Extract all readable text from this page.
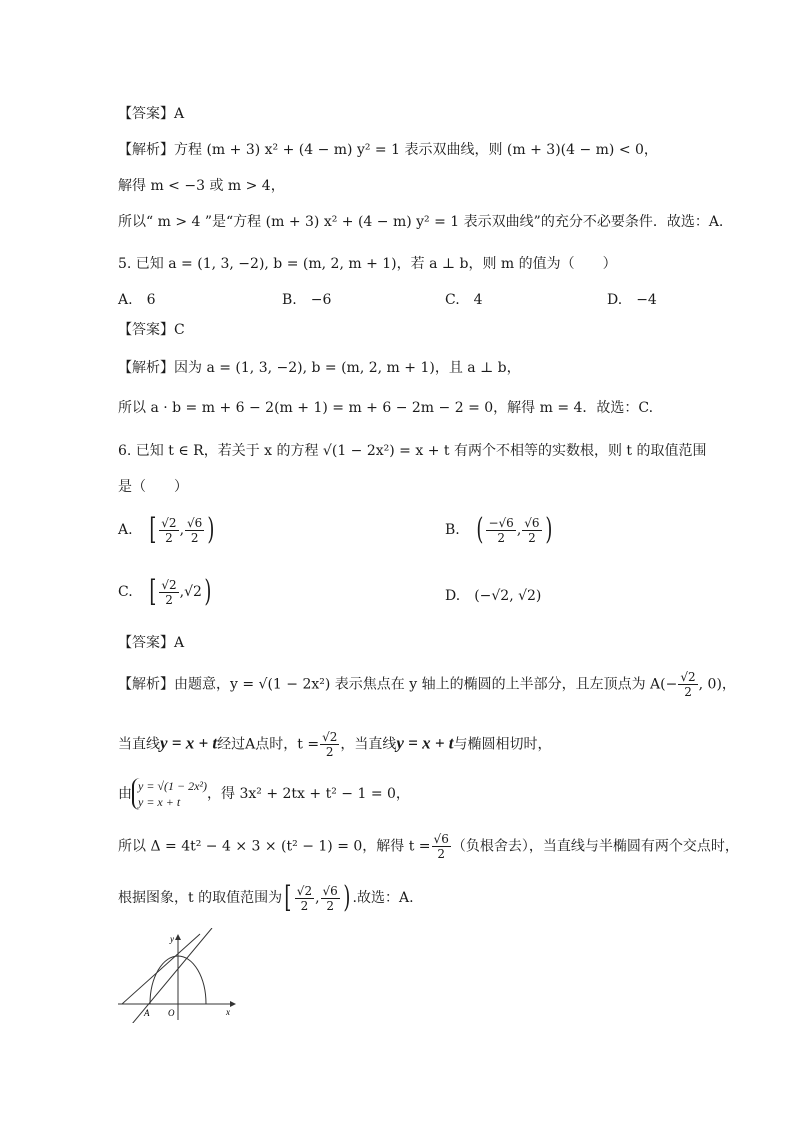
【答案】A
【解析】方程 (m + 3) x² + (4 − m) y² = 1 表示双曲线，则 (m + 3)(4 − m) < 0，
解得 m < −3 或 m > 4，
所以“ m > 4 ”是“方程 (m + 3) x² + (4 − m) y² = 1 表示双曲线”的充分不必要条件．故选：A.
5. 已知 a = (1, 3, −2), b = (m, 2, m + 1)，若 a ⊥ b，则 m 的值为（　　）
A. 6	B. −6	C. 4	D. −4
【答案】C
【解析】因为 a = (1, 3, −2), b = (m, 2, m + 1)，且 a ⊥ b，
所以 a · b = m + 6 − 2(m + 1) = m + 6 − 2m − 2 = 0，解得 m = 4．故选：C.
6. 已知 t ∈ R，若关于 x 的方程 √(1 − 2x²) = x + t 有两个不相等的实数根，则 t 的取值范围
是（　　）
A. [ $\frac{√2}{2}$ , $\frac{√6}{2}$ )	B. ( $\frac{-√6}{2}$ , $\frac{√6}{2}$ )
C. [ $\frac{√2}{2} ,√2$)	D. (−√2, √2)
【答案】A
【解析】由题意，y = √(1 − 2x²) 表示焦点在 y 轴上的椭圆的上半部分，且左顶点为 $A(- \frac{√2}{2}$ , 0)，
当直线y = x + t经过A点时，$t = \frac{√2}{2}$ ，当直线y = x + t与椭圆相切时，
由 y = √(1 − 2x²)
y = x + t	，得 3x² + 2tx + t² − 1 = 0，
所以 Δ = 4t² − 4 × 3 × (t² − 1) = 0，解得 $t = \frac{√6}{2}$ （负根舍去），当直线与半椭圆有两个交点时，
根据图象，t 的取值范围为[ $\frac{√2}{2}$ , $\frac{√6}{2}$ ) .故选：A.
y
x
O
A
